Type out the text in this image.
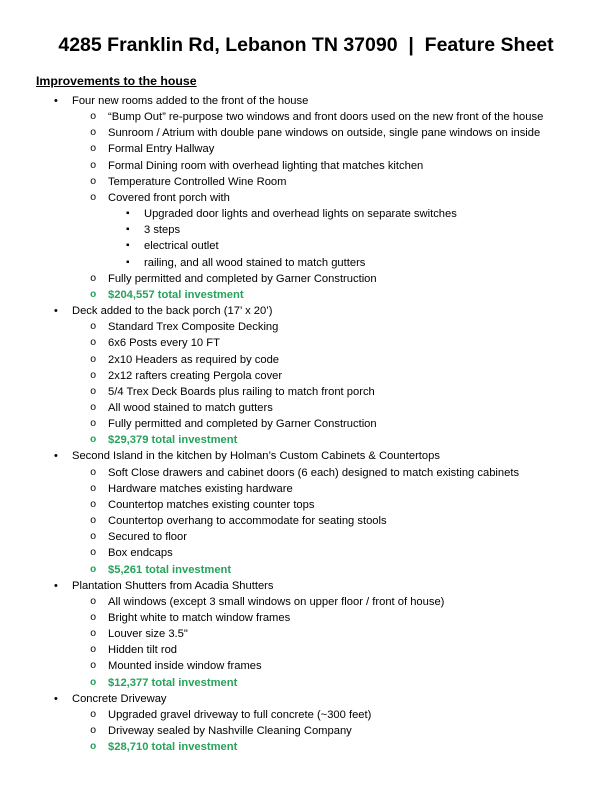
4285 Franklin Rd, Lebanon TN 37090  |  Feature Sheet
Improvements to the house
• Four new rooms added to the front of the house
o “Bump Out” re-purpose two windows and front doors used on the new front of the house
o Sunroom / Atrium with double pane windows on outside, single pane windows on inside
o Formal Entry Hallway
o Formal Dining room with overhead lighting that matches kitchen
o Temperature Controlled Wine Room
o Covered front porch with
▪ Upgraded door lights and overhead lights on separate switches
▪ 3 steps
▪ electrical outlet
▪ railing, and all wood stained to match gutters
o Fully permitted and completed by Garner Construction
o $204,557 total investment
• Deck added to the back porch (17’ x 20’)
o Standard Trex Composite Decking
o 6x6 Posts every 10 FT
o 2x10 Headers as required by code
o 2x12 rafters creating Pergola cover
o 5/4 Trex Deck Boards plus railing to match front porch
o All wood stained to match gutters
o Fully permitted and completed by Garner Construction
o $29,379 total investment
• Second Island in the kitchen by Holman’s Custom Cabinets & Countertops
o Soft Close drawers and cabinet doors (6 each) designed to match existing cabinets
o Hardware matches existing hardware
o Countertop matches existing counter tops
o Countertop overhang to accommodate for seating stools
o Secured to floor
o Box endcaps
o $5,261 total investment
• Plantation Shutters from Acadia Shutters
o All windows (except 3 small windows on upper floor / front of house)
o Bright white to match window frames
o Louver size 3.5"
o Hidden tilt rod
o Mounted inside window frames
o $12,377 total investment
• Concrete Driveway
o Upgraded gravel driveway to full concrete (~300 feet)
o Driveway sealed by Nashville Cleaning Company
o $28,710 total investment
